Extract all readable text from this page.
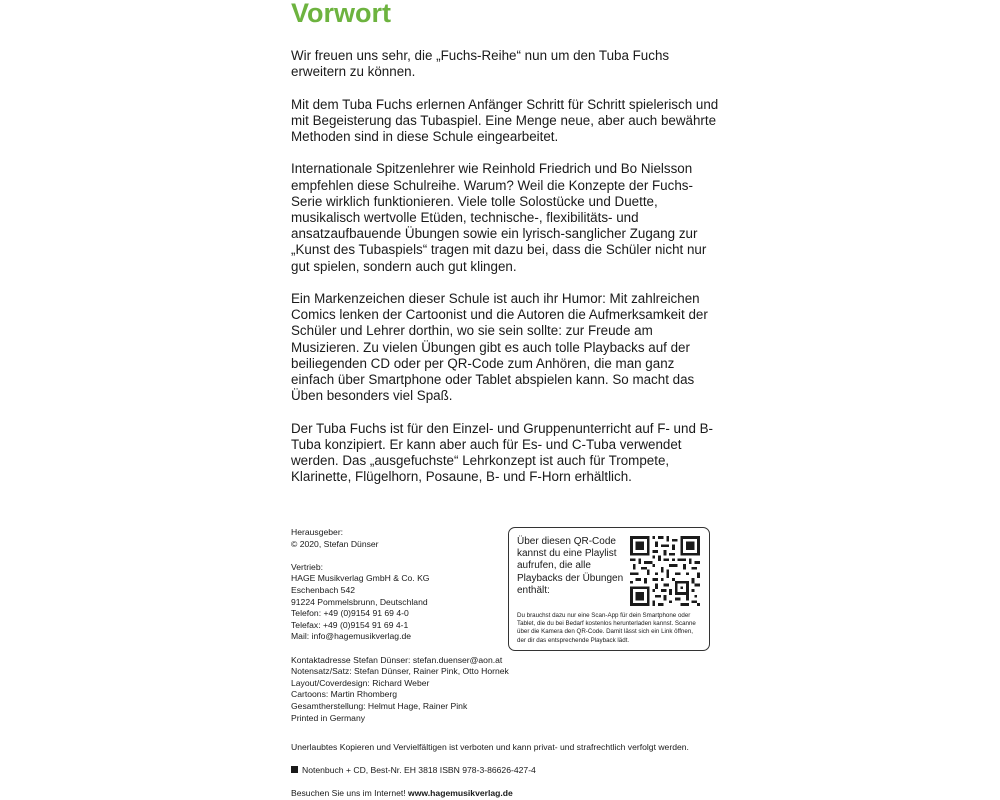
Vorwort

Wir freuen uns sehr, die „Fuchs-Reihe“ nun um den Tuba Fuchs erweitern zu können.

Mit dem Tuba Fuchs erlernen Anfänger Schritt für Schritt spielerisch und mit Begeisterung das Tubaspiel. Eine Menge neue, aber auch bewährte Methoden sind in diese Schule eingearbeitet.

Internationale Spitzenlehrer wie Reinhold Friedrich und Bo Nielsson empfehlen diese Schulreihe. Warum? Weil die Konzepte der Fuchs-Serie wirklich funktionieren. Viele tolle Solostücke und Duette, musikalisch wertvolle Etüden, technische-, flexibilitäts- und ansatzaufbauende Übungen sowie ein lyrisch-sanglicher Zugang zur „Kunst des Tubaspiels“ tragen mit dazu bei, dass die Schüler nicht nur gut spielen, sondern auch gut klingen.

Ein Markenzeichen dieser Schule ist auch ihr Humor: Mit zahlreichen Comics lenken der Cartoonist und die Autoren die Aufmerksamkeit der Schüler und Lehrer dorthin, wo sie sein sollte: zur Freude am Musizieren. Zu vielen Übungen gibt es auch tolle Playbacks auf der beiliegenden CD oder per QR-Code zum Anhören, die man ganz einfach über Smartphone oder Tablet abspielen kann. So macht das Üben besonders viel Spaß.

Der Tuba Fuchs ist für den Einzel- und Gruppenunterricht auf F- und B-Tuba konzipiert. Er kann aber auch für Es- und C-Tuba verwendet werden. Das „ausgefuchste“ Lehrkonzept ist auch für Trompete, Klarinette, Flügelhorn, Posaune, B- und F-Horn erhältlich.

Herausgeber:
© 2020, Stefan Dünser
Vertrieb:
HAGE Musikverlag GmbH & Co. KG
Eschenbach 542
91224 Pommelsbrunn, Deutschland
Telefon: +49 (0)9154 91 69 4-0
Telefax: +49 (0)9154 91 69 4-1
Mail: info@hagemusikverlag.de
Kontaktadresse Stefan Dünser: stefan.duenser@aon.at
Notensatz/Satz: Stefan Dünser, Rainer Pink, Otto Hornek
Layout/Coverdesign: Richard Weber
Cartoons: Martin Rhomberg
Gesamtherstellung: Helmut Hage, Rainer Pink
Printed in Germany
Über diesen QR-Code kannst du eine Playlist aufrufen, die alle Playbacks der Übungen enthält:
Du brauchst dazu nur eine Scan-App für dein Smartphone oder Tablet, die du bei Bedarf kostenlos herunterladen kannst. Scanne über die Kamera den QR-Code. Damit lässt sich ein Link öffnen, der dir das entsprechende Playback lädt.
Unerlaubtes Kopieren und Vervielfältigen ist verboten und kann privat- und strafrechtlich verfolgt werden.
Notenbuch + CD, Best-Nr. EH 3818 ISBN 978-3-86626-427-4
Besuchen Sie uns im Internet! www.hagemusikverlag.de
